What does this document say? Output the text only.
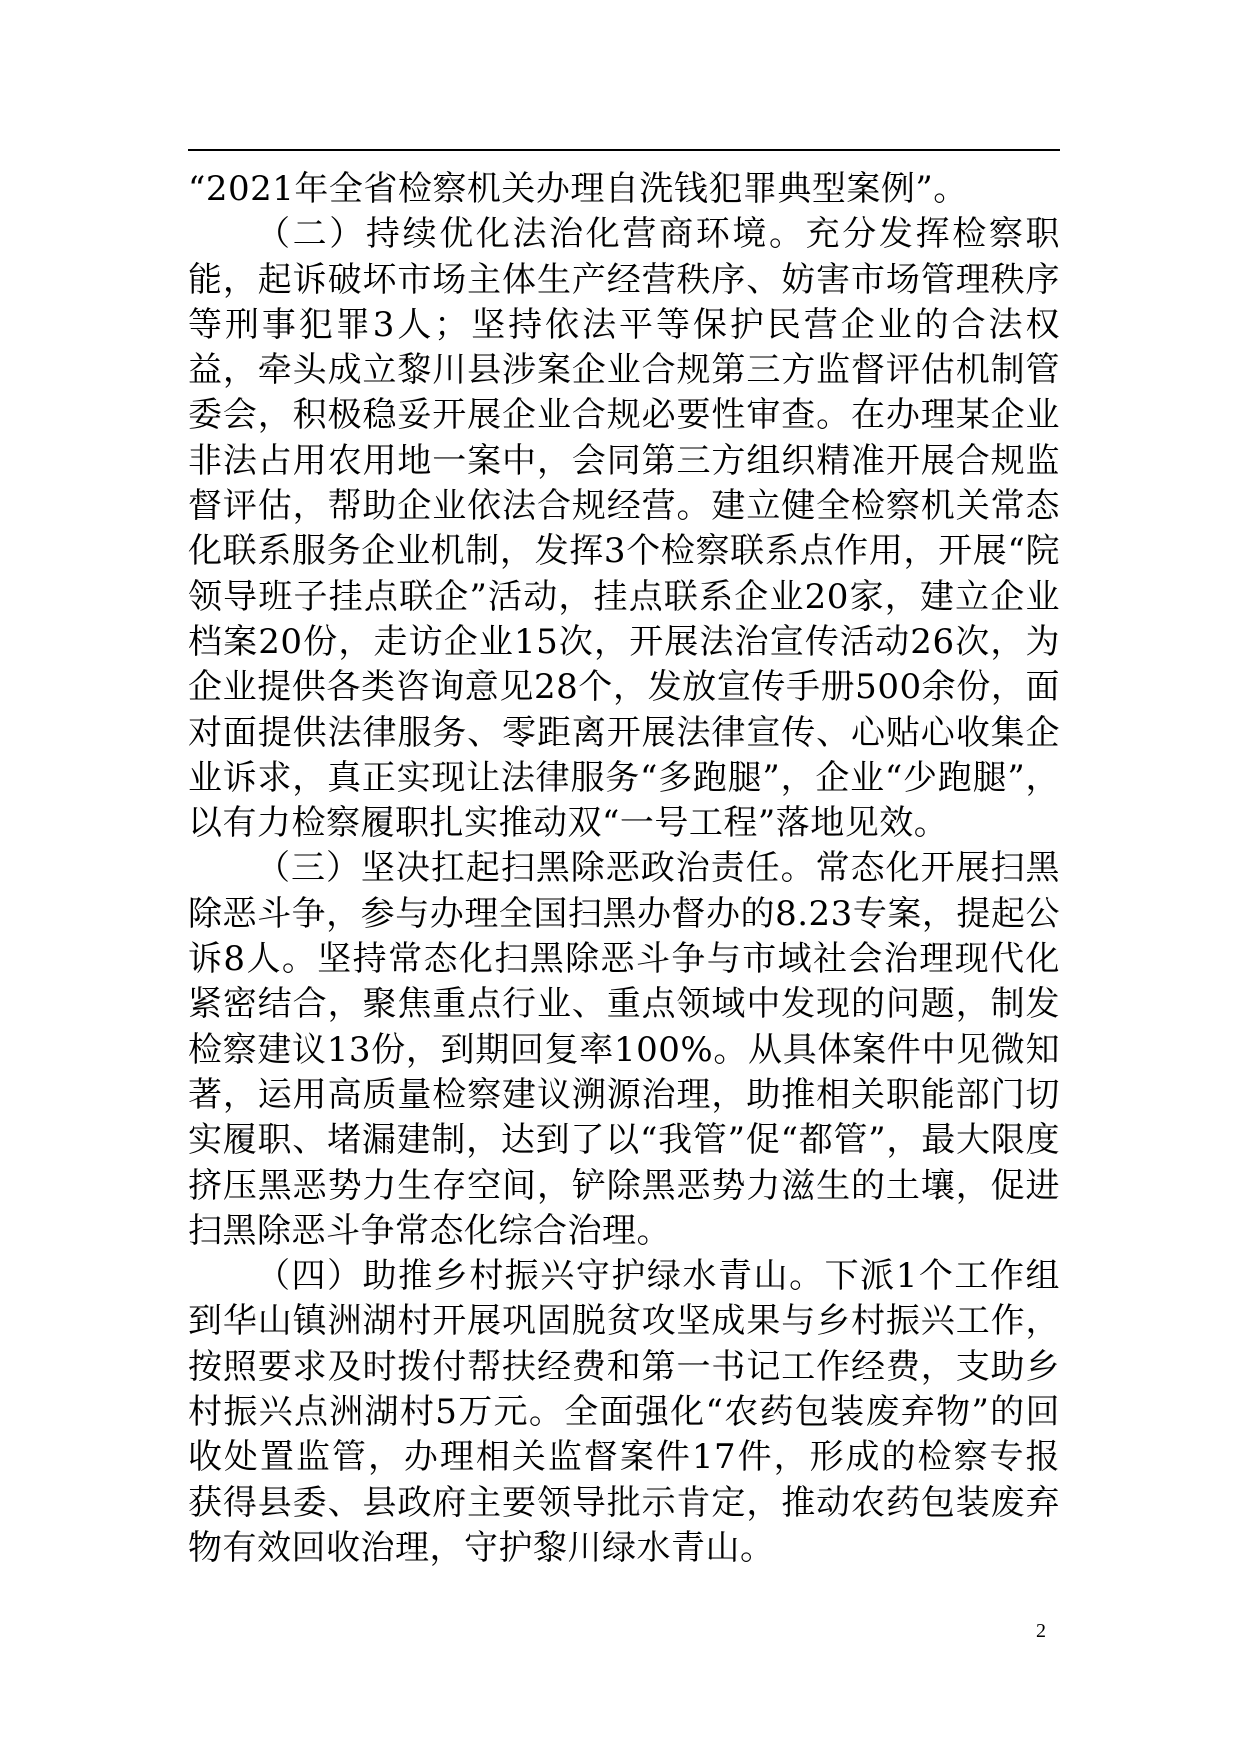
“2021年全省检察机关办理自洗钱犯罪典型案例”。

（二）持续优化法治化营商环境。充分发挥检察职能，起诉破坏市场主体生产经营秩序、妨害市场管理秩序等刑事犯罪3人；坚持依法平等保护民营企业的合法权益，牵头成立黎川县涉案企业合规第三方监督评估机制管委会，积极稳妥开展企业合规必要性审查。在办理某企业非法占用农用地一案中，会同第三方组织精准开展合规监督评估，帮助企业依法合规经营。建立健全检察机关常态化联系服务企业机制，发挥3个检察联系点作用，开展“院领导班子挂点联企”活动，挂点联系企业20家，建立企业档案20份，走访企业15次，开展法治宣传活动26次，为企业提供各类咨询意见28个，发放宣传手册500余份，面对面提供法律服务、零距离开展法律宣传、心贴心收集企业诉求，真正实现让法律服务“多跑腿”，企业“少跑腿”，以有力检察履职扎实推动双“一号工程”落地见效。

（三）坚决扛起扫黑除恶政治责任。常态化开展扫黑除恶斗争，参与办理全国扫黑办督办的8.23专案，提起公诉8人。坚持常态化扫黑除恶斗争与市域社会治理现代化紧密结合，聚焦重点行业、重点领域中发现的问题，制发检察建议13份，到期回复率100%。从具体案件中见微知著，运用高质量检察建议溯源治理，助推相关职能部门切实履职、堵漏建制，达到了以“我管”促“都管”，最大限度挤压黑恶势力生存空间，铲除黑恶势力滋生的土壤，促进扫黑除恶斗争常态化综合治理。

（四）助推乡村振兴守护绿水青山。下派1个工作组到华山镇洲湖村开展巩固脱贫攻坚成果与乡村振兴工作，按照要求及时拨付帮扶经费和第一书记工作经费，支助乡村振兴点洲湖村5万元。全面强化“农药包装废弃物”的回收处置监管，办理相关监督案件17件，形成的检察专报获得县委、县政府主要领导批示肯定，推动农药包装废弃物有效回收治理，守护黎川绿水青山。

2
